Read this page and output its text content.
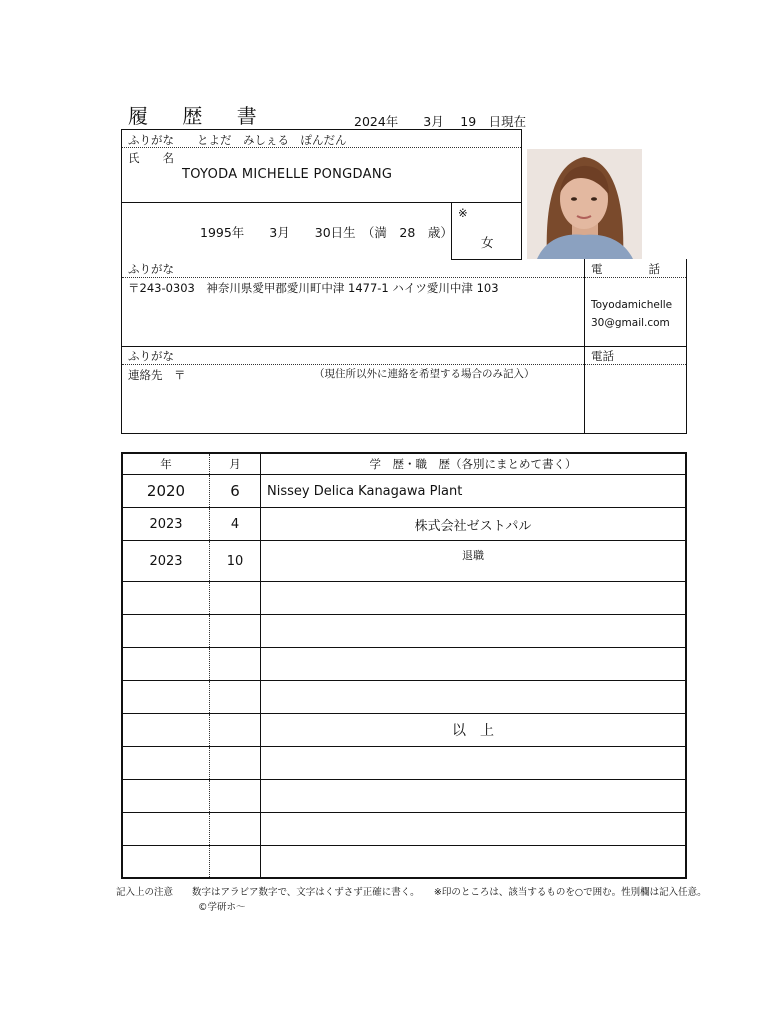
履 歴 書	2024年　　3月　 19　日現在
ふりがな　　とよだ　みしぇる　ぽんだん
氏　　名
TOYODA MICHELLE PONGDANG
1995年　　3月　　30日生　（満　28　歳）
※
女
ふりがな	電　　　　話
〒243-0303　神奈川県愛甲郡愛川町中津 1477-1 ハイツ愛川中津 103
Toyodamichelle
30@gmail.com
ふりがな	電話
連絡先　〒	（現住所以外に連絡を希望する場合のみ記入）
年	月	学　歴・職　歴（各別にまとめて書く）
2020	6	Nissey Delica Kanagawa Plant
2023	4	株式会社ゼストパル
2023	10	退職　

		以　上

記入上の注意　　数字はアラビア数字で、文字はくずさず正確に書く。　　※印のところは、該当するものを○で囲む。性別欄は記入任意。
©学研ホ〜
